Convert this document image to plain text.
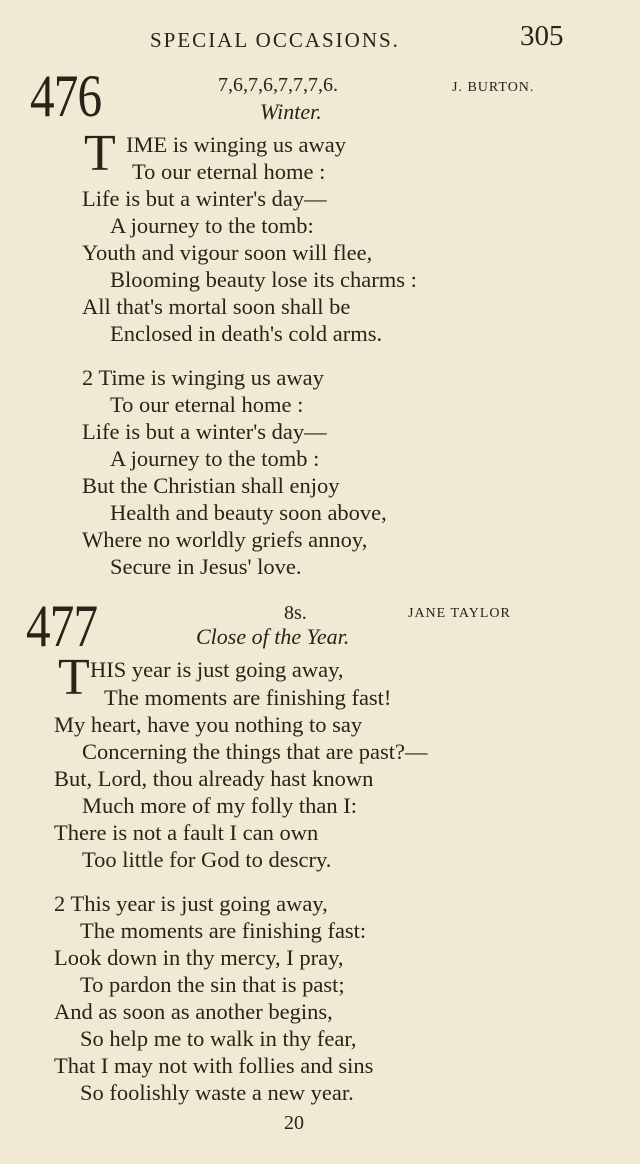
SPECIAL OCCASIONS.	305
476	7,6,7,6,7,7,7,6.	J. BURTON.
Winter.
T IME is winging us away
To our eternal home :
Life is but a winter's day—
A journey to the tomb:
Youth and vigour soon will flee,
Blooming beauty lose its charms :
All that's mortal soon shall be
Enclosed in death's cold arms.
2 Time is winging us away
To our eternal home :
Life is but a winter's day—
A journey to the tomb :
But the Christian shall enjoy
Health and beauty soon above,
Where no worldly griefs annoy,
Secure in Jesus' love.
477	8s.	JANE TAYLOR
Close of the Year.
T HIS year is just going away,
The moments are finishing fast!
My heart, have you nothing to say
Concerning the things that are past?—
But, Lord, thou already hast known
Much more of my folly than I:
There is not a fault I can own
Too little for God to descry.
2 This year is just going away,
The moments are finishing fast:
Look down in thy mercy, I pray,
To pardon the sin that is past;
And as soon as another begins,
So help me to walk in thy fear,
That I may not with follies and sins
So foolishly waste a new year.
20
